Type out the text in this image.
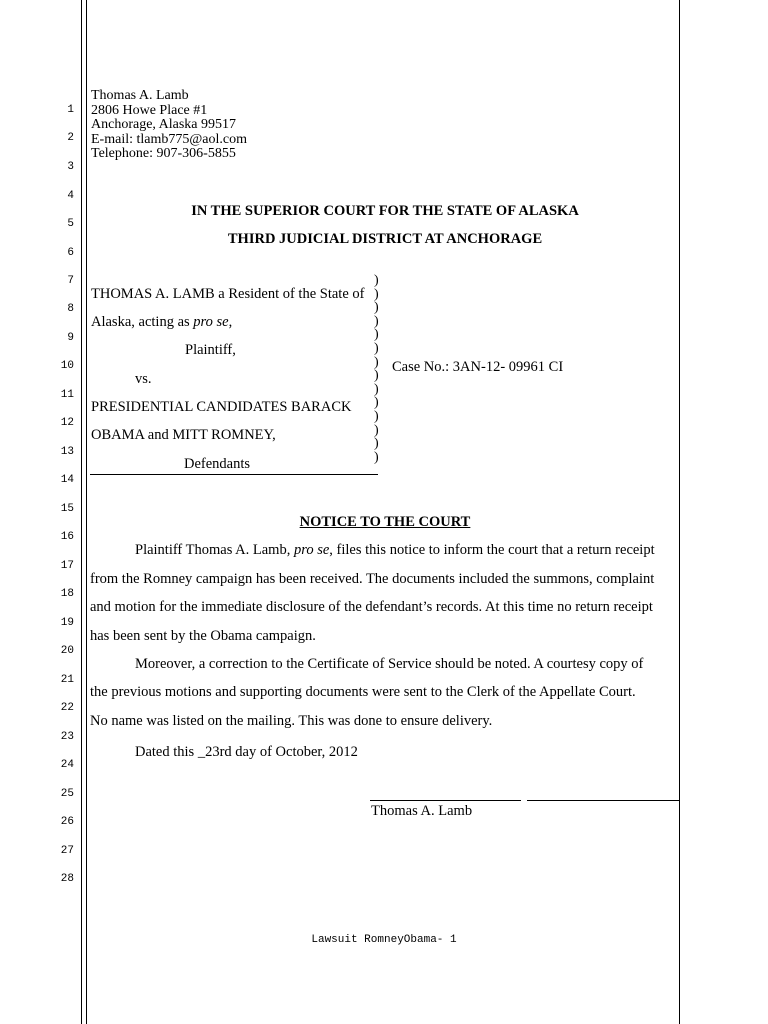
1
2
3
4
5
6
7
8
9
10
11
12
13
14
15
16
17
18
19
20
21
22
23
24
25
26
27
28
Thomas A. Lamb
2806 Howe Place #1
Anchorage, Alaska 99517
E-mail: tlamb775@aol.com
Telephone: 907-306-5855
IN THE SUPERIOR COURT FOR THE STATE OF ALASKA
THIRD JUDICIAL DISTRICT AT ANCHORAGE
THOMAS A. LAMB a Resident of the State of
Alaska, acting as pro se,
Plaintiff,
vs.
PRESIDENTIAL CANDIDATES BARACK
OBAMA and MITT ROMNEY,
Defendants
)
)
)
)
)
)
)
)
)
)
)
)
)
)
Case No.: 3AN-12- 09961 CI
NOTICE TO THE COURT
Plaintiff Thomas A. Lamb, pro se, files this notice to inform the court that a return receipt
from the Romney campaign has been received. The documents included the summons, complaint
and motion for the immediate disclosure of the defendant’s records. At this time no return receipt
has been sent by the Obama campaign.
Moreover, a correction to the Certificate of Service should be noted. A courtesy copy of
the previous motions and supporting documents were sent to the Clerk of the Appellate Court.
No name was listed on the mailing. This was done to ensure delivery.
Dated this _23rd day of October, 2012
Thomas A. Lamb
Lawsuit RomneyObama- 1
